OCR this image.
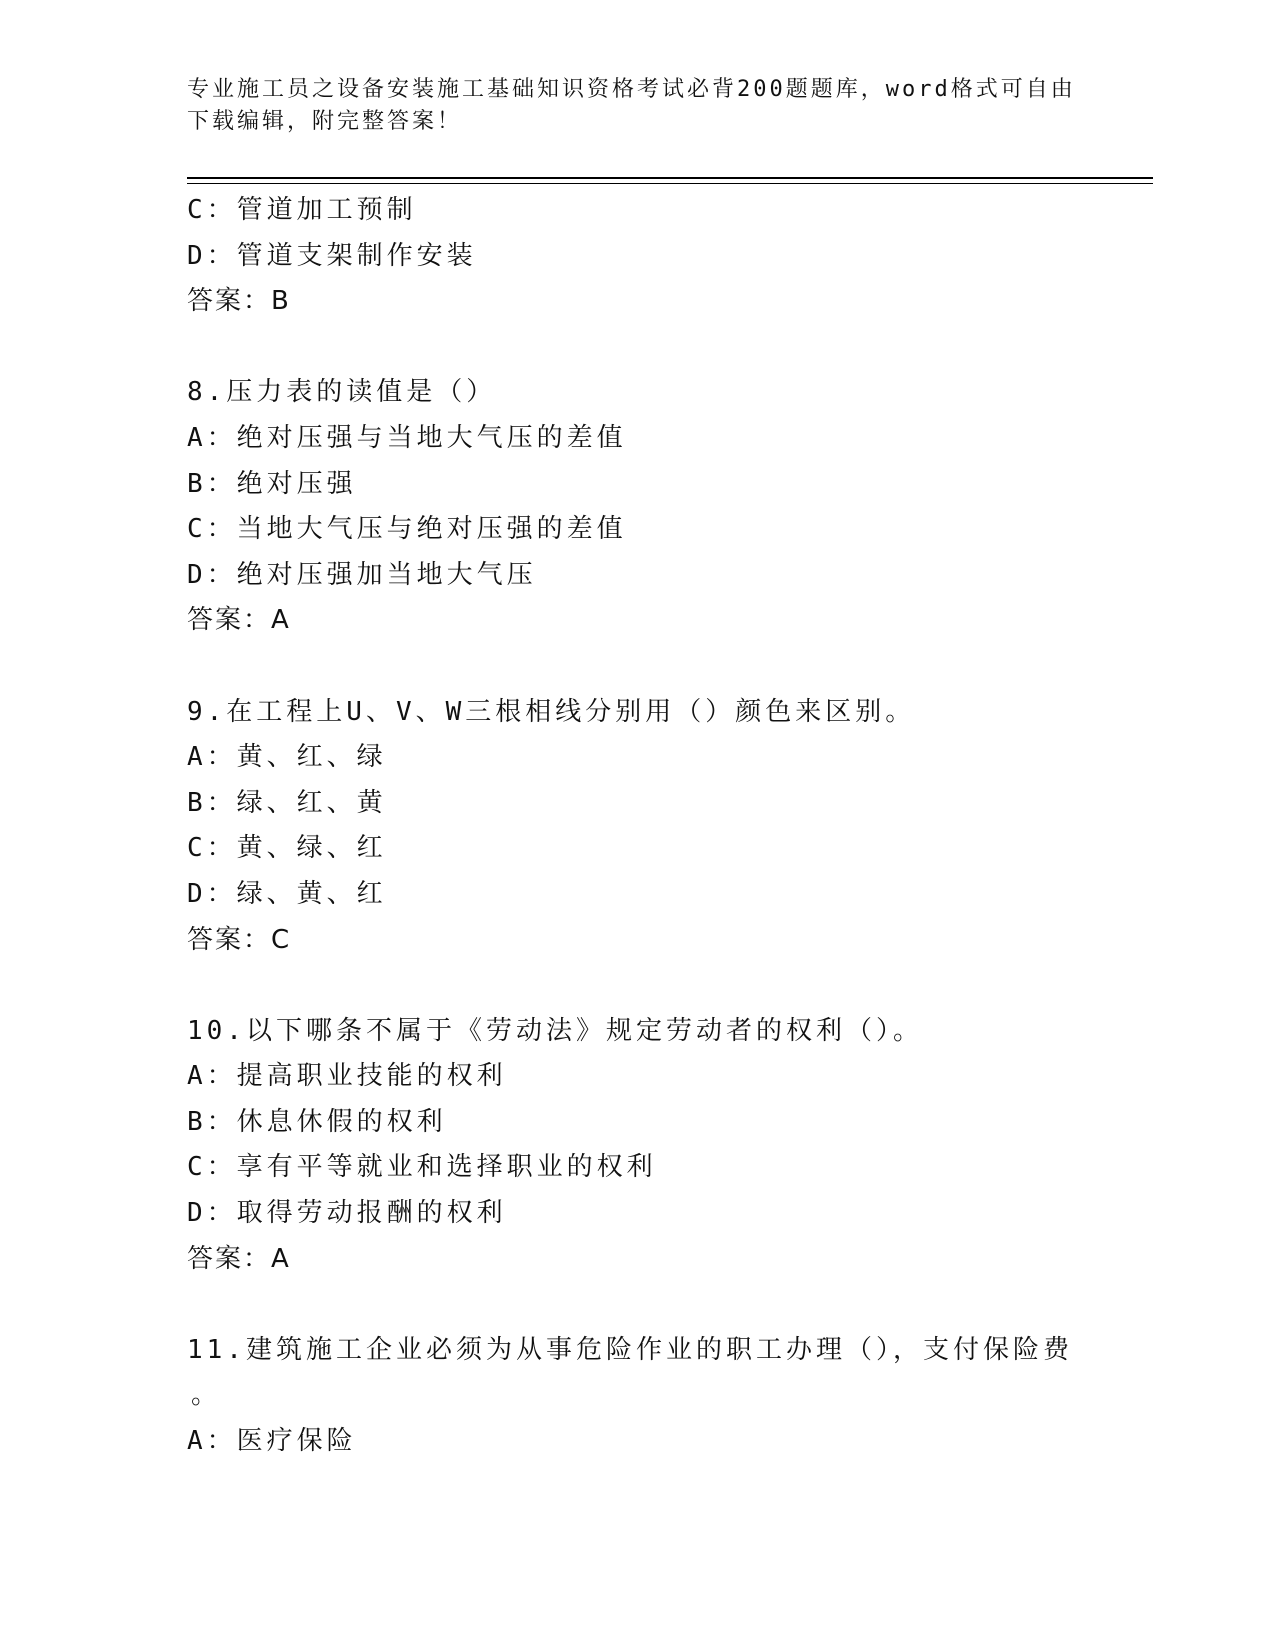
专业施工员之设备安装施工基础知识资格考试必背200题题库，word格式可自由
下载编辑，附完整答案！
C：管道加工预制
D：管道支架制作安装
答案：B
8.压力表的读值是（）
A：绝对压强与当地大气压的差值
B：绝对压强
C：当地大气压与绝对压强的差值
D：绝对压强加当地大气压
答案：A
9.在工程上U、V、W三根相线分别用（）颜色来区别。
A：黄、红、绿
B：绿、红、黄
C：黄、绿、红
D：绿、黄、红
答案：C
10.以下哪条不属于《劳动法》规定劳动者的权利（）。
A：提高职业技能的权利
B：休息休假的权利
C：享有平等就业和选择职业的权利
D：取得劳动报酬的权利
答案：A
11.建筑施工企业必须为从事危险作业的职工办理（），支付保险费
。
A：医疗保险
